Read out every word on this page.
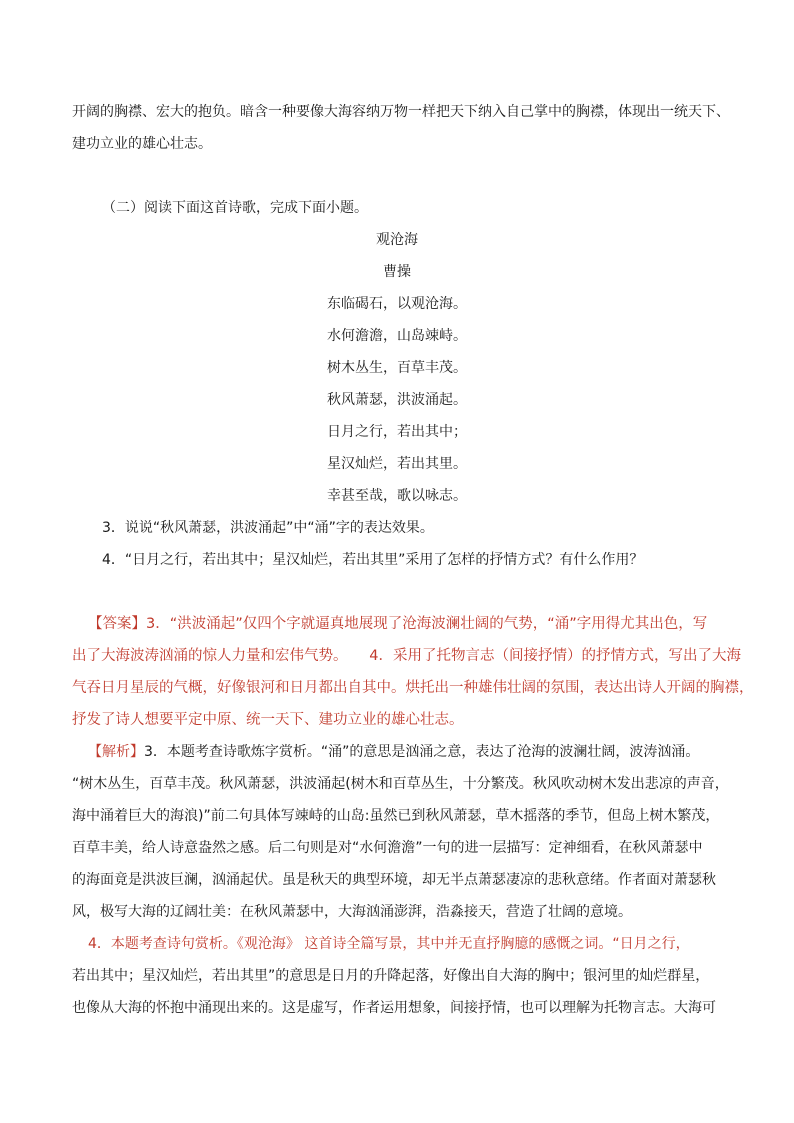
开阔的胸襟、宏大的抱负。暗含一种要像大海容纳万物一样把天下纳入自己掌中的胸襟，体现出一统天下、
建功立业的雄心壮志。
（二）阅读下面这首诗歌，完成下面小题。
观沧海
曹操
东临碣石，以观沧海。
水何澹澹，山岛竦峙。
树木丛生，百草丰茂。
秋风萧瑟，洪波涌起。
日月之行，若出其中；
星汉灿烂，若出其里。
幸甚至哉，歌以咏志。
3．说说“秋风萧瑟，洪波涌起”中“涌”字的表达效果。
4．“日月之行，若出其中；星汉灿烂，若出其里”采用了怎样的抒情方式？有什么作用？
【答案】3．“洪波涌起”仅四个字就逼真地展现了沧海波澜壮阔的气势，“涌”字用得尤其出色，写
出了大海波涛汹涌的惊人力量和宏伟气势。　　4．采用了托物言志（间接抒情）的抒情方式，写出了大海
气吞日月星辰的气概，好像银河和日月都出自其中。烘托出一种雄伟壮阔的氛围，表达出诗人开阔的胸襟，
抒发了诗人想要平定中原、统一天下、建功立业的雄心壮志。
【解析】3．本题考查诗歌炼字赏析。“涌”的意思是汹涌之意，表达了沧海的波澜壮阔，波涛汹涌。
“树木丛生，百草丰茂。秋风萧瑟，洪波涌起(树木和百草丛生，十分繁茂。秋风吹动树木发出悲凉的声音，
海中涌着巨大的海浪)”前二句具体写竦峙的山岛:虽然已到秋风萧瑟，草木摇落的季节，但岛上树木繁茂，
百草丰美，给人诗意盎然之感。后二句则是对“水何澹澹”一句的进一层描写：定神细看，在秋风萧瑟中
的海面竟是洪波巨澜，汹涌起伏。虽是秋天的典型环境，却无半点萧瑟凄凉的悲秋意绪。作者面对萧瑟秋
风，极写大海的辽阔壮美：在秋风萧瑟中，大海汹涌澎湃，浩淼接天，营造了壮阔的意境。
4．本题考查诗句赏析。《观沧海》 这首诗全篇写景，其中并无直抒胸臆的感慨之词。“日月之行，
若出其中；星汉灿烂，若出其里”的意思是日月的升降起落，好像出自大海的胸中；银河里的灿烂群星，
也像从大海的怀抱中涌现出来的。这是虚写，作者运用想象，间接抒情，也可以理解为托物言志。大海可
